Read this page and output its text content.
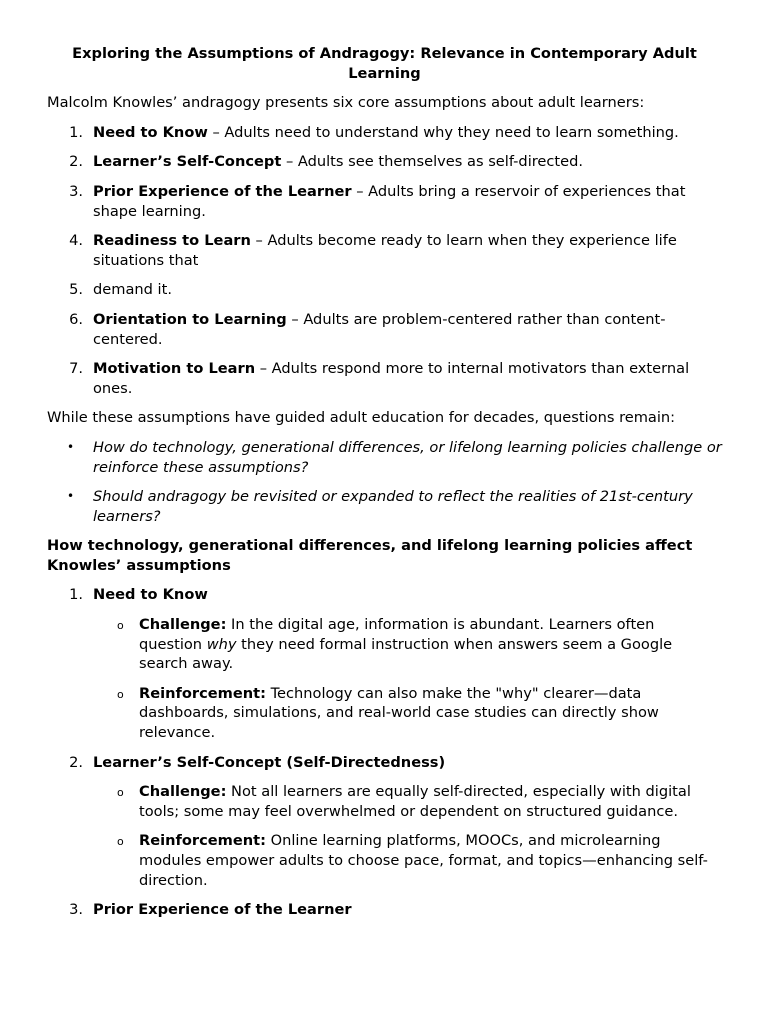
Exploring the Assumptions of Andragogy: Relevance in Contemporary Adult Learning

Malcolm Knowles’ andragogy presents six core assumptions about adult learners:

1. Need to Know – Adults need to understand why they need to learn something.
2. Learner’s Self-Concept – Adults see themselves as self-directed.
3. Prior Experience of the Learner – Adults bring a reservoir of experiences that shape learning.
4. Readiness to Learn – Adults become ready to learn when they experience life situations that
5. demand it.
6. Orientation to Learning – Adults are problem-centered rather than content-centered.
7. Motivation to Learn – Adults respond more to internal motivators than external ones.

While these assumptions have guided adult education for decades, questions remain:

• How do technology, generational differences, or lifelong learning policies challenge or reinforce these assumptions?
• Should andragogy be revisited or expanded to reflect the realities of 21st-century learners?
How technology, generational differences, and lifelong learning policies affect Knowles’ assumptions
1. Need to Know
o Challenge: In the digital age, information is abundant. Learners often question why they need formal instruction when answers seem a Google search away.
o Reinforcement: Technology can also make the "why" clearer—data dashboards, simulations, and real-world case studies can directly show relevance.
2. Learner’s Self-Concept (Self-Directedness)
o Challenge: Not all learners are equally self-directed, especially with digital tools; some may feel overwhelmed or dependent on structured guidance.
o Reinforcement: Online learning platforms, MOOCs, and microlearning modules empower adults to choose pace, format, and topics—enhancing self-direction.
3. Prior Experience of the Learner
